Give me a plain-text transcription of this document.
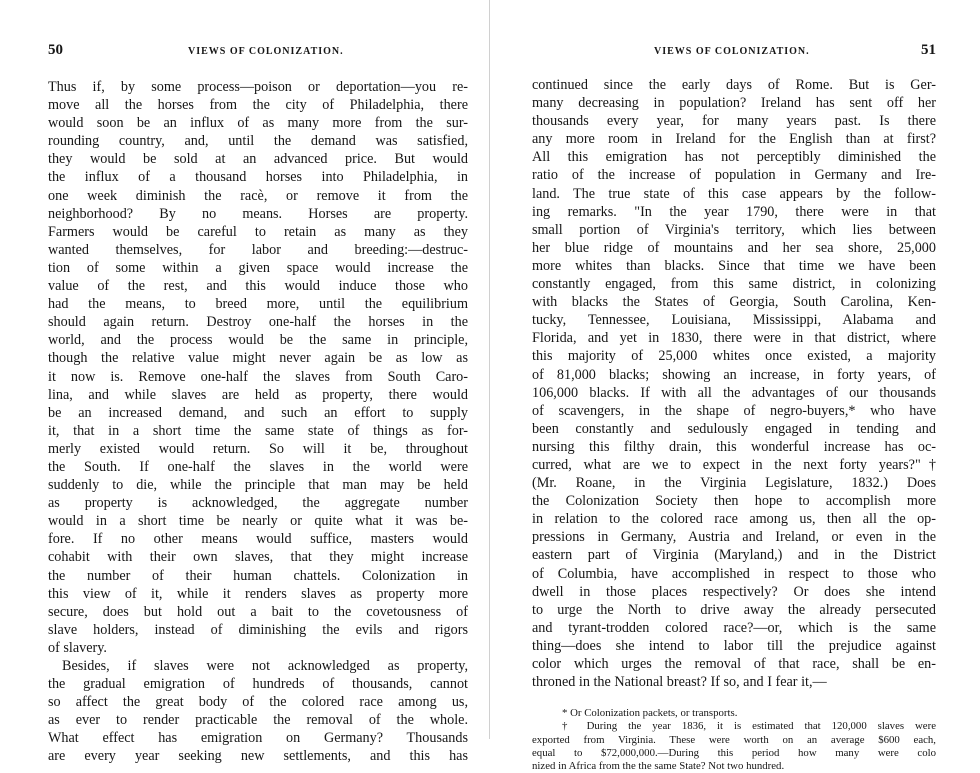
50	VIEWS OF COLONIZATION.
Thus if, by some process—poison or deportation—you re-
move all the horses from the city of Philadelphia, there
would soon be an influx of as many more from the sur-
rounding country, and, until the demand was satisfied,
they would be sold at an advanced price. But would
the influx of a thousand horses into Philadelphia, in
one week diminish the racè, or remove it from the
neighborhood? By no means. Horses are property.
Farmers would be careful to retain as many as they
wanted themselves, for labor and breeding:—destruc-
tion of some within a given space would increase the
value of the rest, and this would induce those who
had the means, to breed more, until the equilibrium
should again return. Destroy one-half the horses in the
world, and the process would be the same in principle,
though the relative value might never again be as low as
it now is. Remove one-half the slaves from South Caro-
lina, and while slaves are held as property, there would
be an increased demand, and such an effort to supply
it, that in a short time the same state of things as for-
merly existed would return. So will it be, throughout
the South. If one-half the slaves in the world were
suddenly to die, while the principle that man may be held
as property is acknowledged, the aggregate number
would in a short time be nearly or quite what it was be-
fore. If no other means would suffice, masters would
cohabit with their own slaves, that they might increase
the number of their human chattels. Colonization in
this view of it, while it renders slaves as property more
secure, does but hold out a bait to the covetousness of
slave holders, instead of diminishing the evils and rigors
of slavery.
Besides, if slaves were not acknowledged as property,
the gradual emigration of hundreds of thousands, cannot
so affect the great body of the colored race among us,
as ever to render practicable the removal of the whole.
What effect has emigration on Germany? Thousands
are every year seeking new settlements, and this has
VIEWS OF COLONIZATION.	51
continued since the early days of Rome. But is Ger-
many decreasing in population? Ireland has sent off her
thousands every year, for many years past. Is there
any more room in Ireland for the English than at first?
All this emigration has not perceptibly diminished the
ratio of the increase of population in Germany and Ire-
land. The true state of this case appears by the follow-
ing remarks. "In the year 1790, there were in that
small portion of Virginia's territory, which lies between
her blue ridge of mountains and her sea shore, 25,000
more whites than blacks. Since that time we have been
constantly engaged, from this same district, in colonizing
with blacks the States of Georgia, South Carolina, Ken-
tucky, Tennessee, Louisiana, Mississippi, Alabama and
Florida, and yet in 1830, there were in that district, where
this majority of 25,000 whites once existed, a majority
of 81,000 blacks; showing an increase, in forty years, of
106,000 blacks. If with all the advantages of our thousands
of scavengers, in the shape of negro-buyers,* who have
been constantly and sedulously engaged in tending and
nursing this filthy drain, this wonderful increase has oc-
curred, what are we to expect in the next forty years?"†
(Mr. Roane, in the Virginia Legislature, 1832.) Does
the Colonization Society then hope to accomplish more
in relation to the colored race among us, then all the op-
pressions in Germany, Austria and Ireland, or even in the
eastern part of Virginia (Maryland,) and in the District
of Columbia, have accomplished in respect to those who
dwell in those places respectively? Or does she intend
to urge the North to drive away the already persecuted
and tyrant-trodden colored race?—or, which is the same
thing—does she intend to labor till the prejudice against
color which urges the removal of that race, shall be en-
throned in the National breast? If so, and I fear it,—
* Or Colonization packets, or transports.
† During the year 1836, it is estimated that 120,000 slaves were
exported from Virginia. These were worth on an average $600 each,
equal to $72,000,000.—During this period how many were colo
nized in Africa from the the same State? Not two hundred.
